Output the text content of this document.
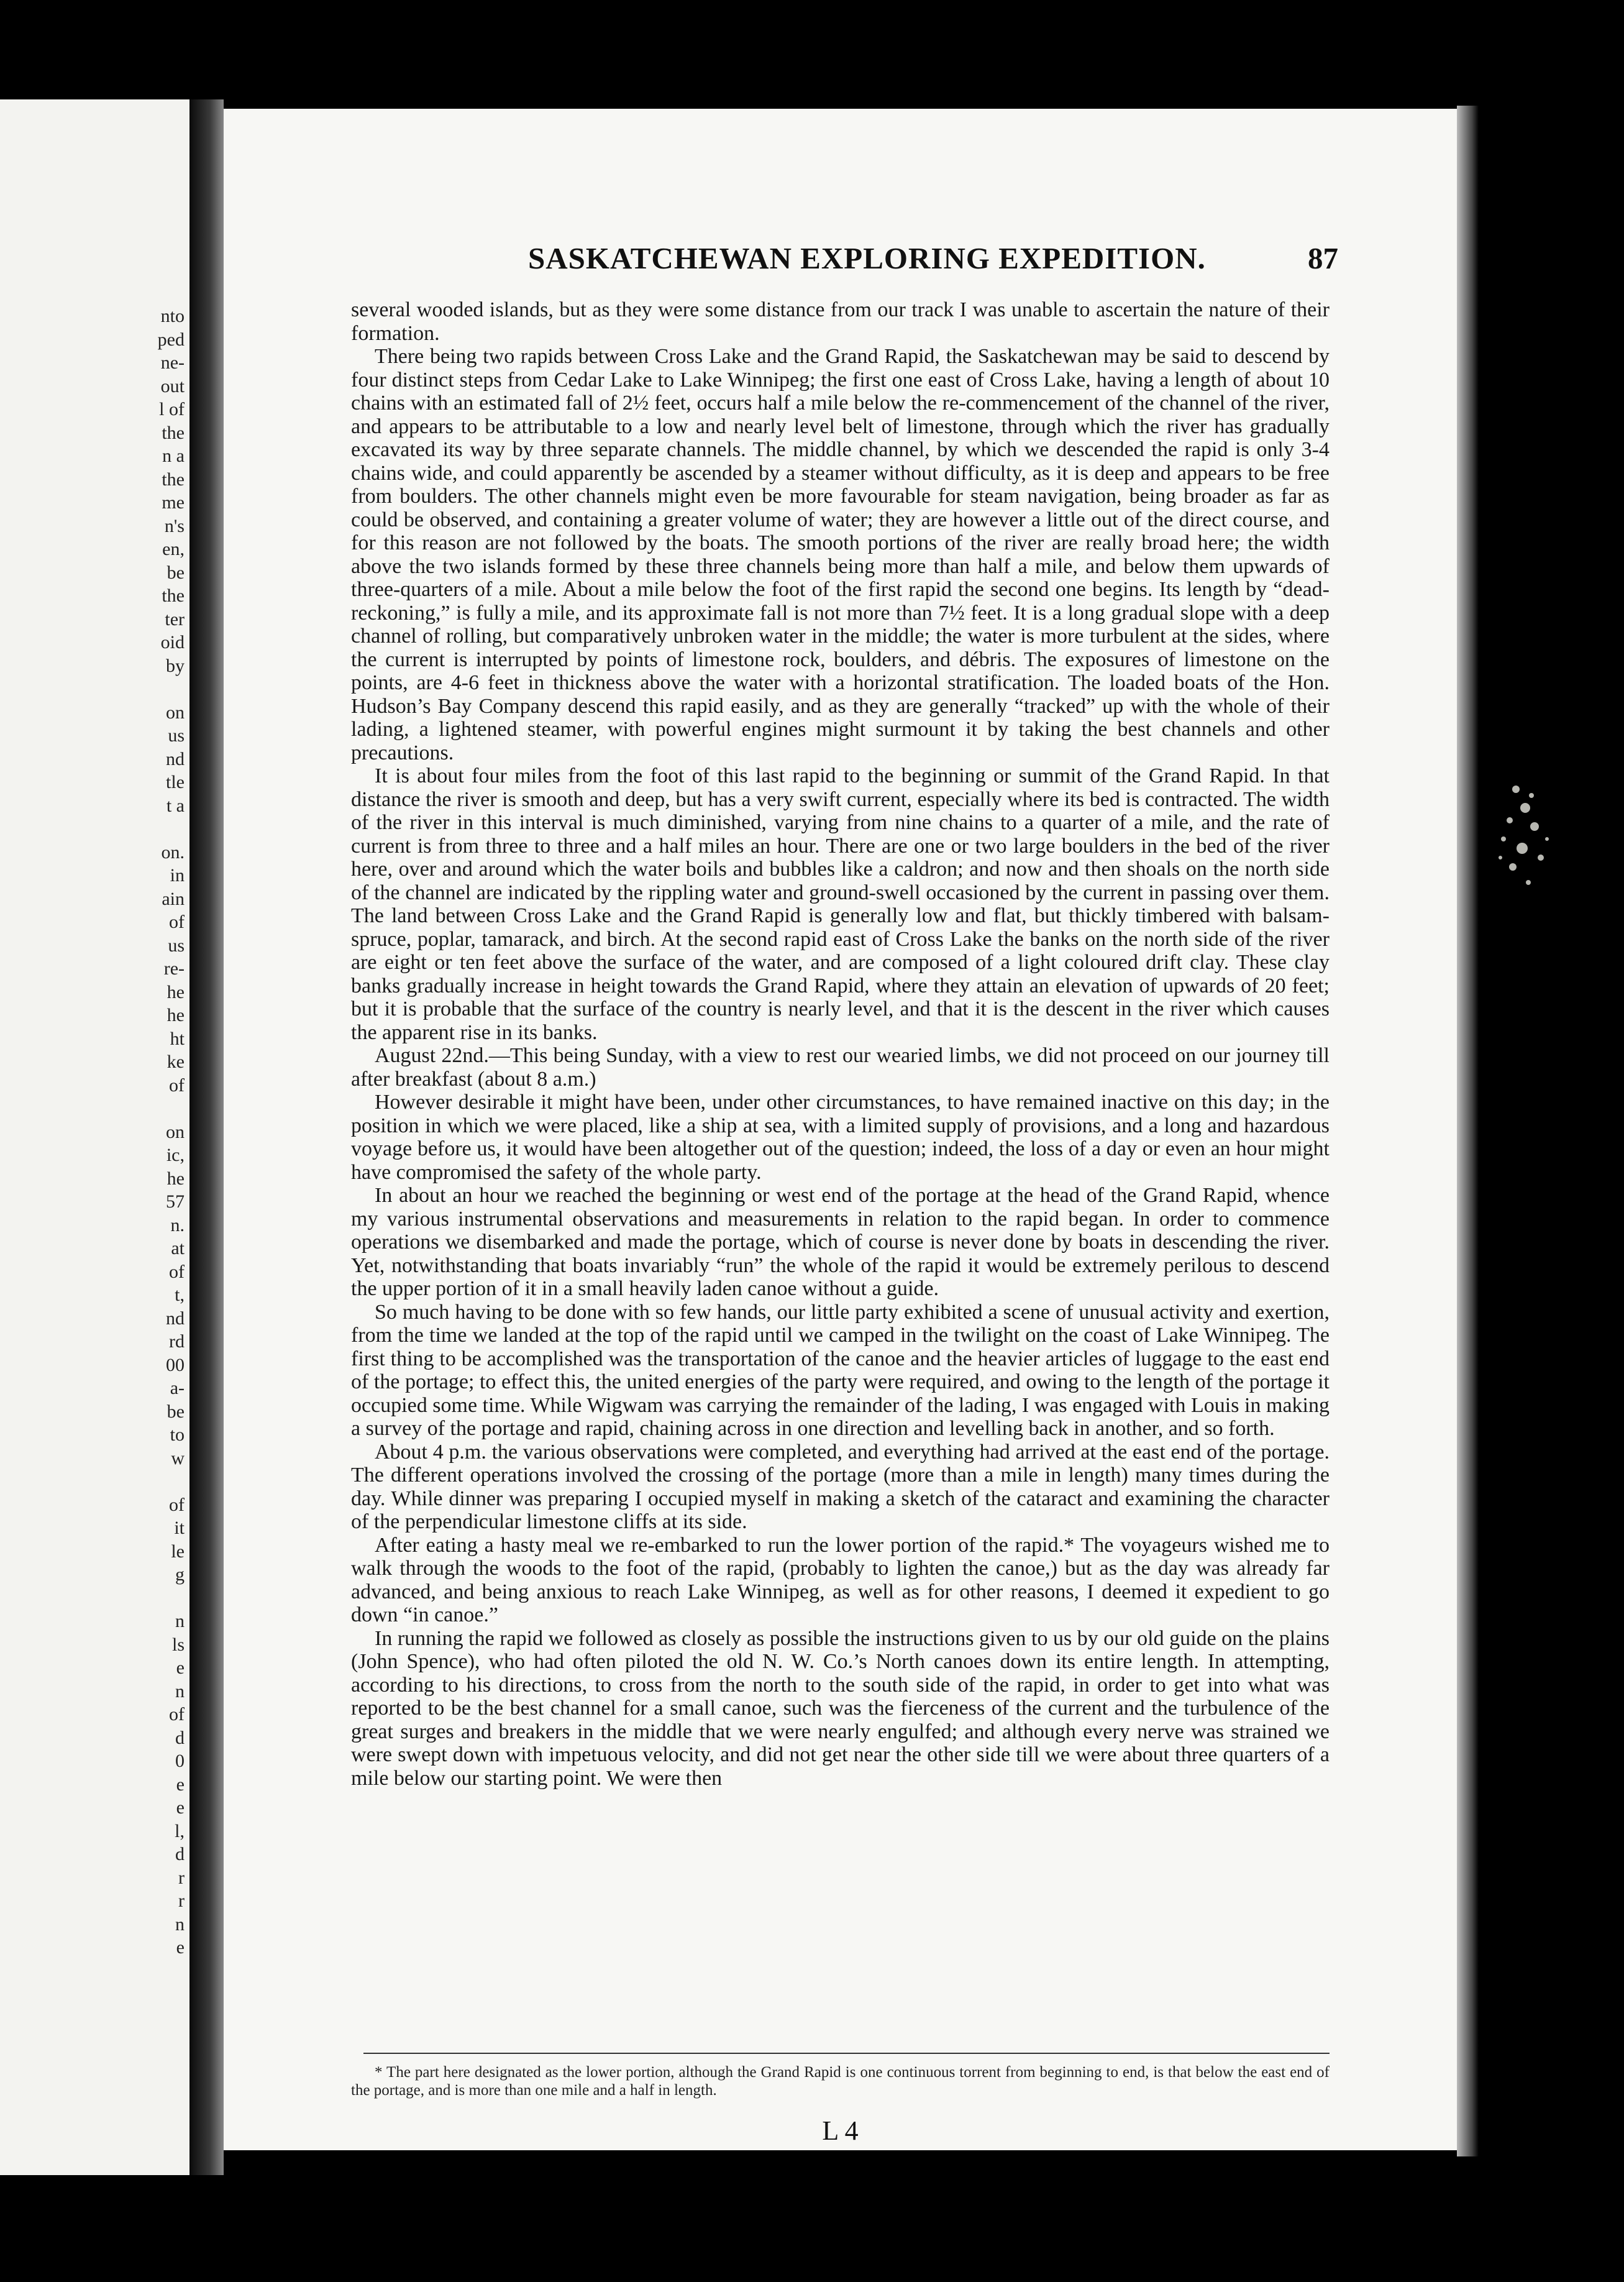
nto
ped
ne-
out
l of
the
n a
the
me
n's
en,
be
the
ter
oid
by

on
us
nd
tle
t a

on.
in
ain
of
us
re-
he
he
ht
ke
of

on
ic,
he
57
n.
at
of
t,
nd
rd
00
a-
be
to
w

of
it
le
g

n
ls
e
n
of
d
0
e
e
l,
d
r
r
n
e
SASKATCHEWAN EXPLORING EXPEDITION.	87

several wooded islands, but as they were some distance from our track I was unable to ascertain the nature of their formation.

There being two rapids between Cross Lake and the Grand Rapid, the Saskatchewan may be said to descend by four distinct steps from Cedar Lake to Lake Winnipeg; the first one east of Cross Lake, having a length of about 10 chains with an estimated fall of 2½ feet, occurs half a mile below the re-commencement of the channel of the river, and appears to be attributable to a low and nearly level belt of limestone, through which the river has gradually excavated its way by three separate channels. The middle channel, by which we descended the rapid is only 3-4 chains wide, and could apparently be ascended by a steamer without difficulty, as it is deep and appears to be free from boulders. The other channels might even be more favourable for steam navigation, being broader as far as could be observed, and containing a greater volume of water; they are however a little out of the direct course, and for this reason are not followed by the boats. The smooth portions of the river are really broad here; the width above the two islands formed by these three channels being more than half a mile, and below them upwards of three-quarters of a mile. About a mile below the foot of the first rapid the second one begins. Its length by “dead-reckoning,” is fully a mile, and its approximate fall is not more than 7½ feet. It is a long gradual slope with a deep channel of rolling, but comparatively unbroken water in the middle; the water is more turbulent at the sides, where the current is interrupted by points of limestone rock, boulders, and débris. The exposures of limestone on the points, are 4-6 feet in thickness above the water with a horizontal stratification. The loaded boats of the Hon. Hudson’s Bay Company descend this rapid easily, and as they are generally “tracked” up with the whole of their lading, a lightened steamer, with powerful engines might surmount it by taking the best channels and other precautions.

It is about four miles from the foot of this last rapid to the beginning or summit of the Grand Rapid. In that distance the river is smooth and deep, but has a very swift current, especially where its bed is contracted. The width of the river in this interval is much diminished, varying from nine chains to a quarter of a mile, and the rate of current is from three to three and a half miles an hour. There are one or two large boulders in the bed of the river here, over and around which the water boils and bubbles like a caldron; and now and then shoals on the north side of the channel are indicated by the rippling water and ground-swell occasioned by the current in passing over them. The land between Cross Lake and the Grand Rapid is generally low and flat, but thickly timbered with balsam-spruce, poplar, tamarack, and birch. At the second rapid east of Cross Lake the banks on the north side of the river are eight or ten feet above the surface of the water, and are composed of a light coloured drift clay. These clay banks gradually increase in height towards the Grand Rapid, where they attain an elevation of upwards of 20 feet; but it is probable that the surface of the country is nearly level, and that it is the descent in the river which causes the apparent rise in its banks.

August 22nd.—This being Sunday, with a view to rest our wearied limbs, we did not proceed on our journey till after breakfast (about 8 a.m.)

However desirable it might have been, under other circumstances, to have remained inactive on this day; in the position in which we were placed, like a ship at sea, with a limited supply of provisions, and a long and hazardous voyage before us, it would have been altogether out of the question; indeed, the loss of a day or even an hour might have compromised the safety of the whole party.

In about an hour we reached the beginning or west end of the portage at the head of the Grand Rapid, whence my various instrumental observations and measurements in relation to the rapid began. In order to commence operations we disembarked and made the portage, which of course is never done by boats in descending the river. Yet, notwithstanding that boats invariably “run” the whole of the rapid it would be extremely perilous to descend the upper portion of it in a small heavily laden canoe without a guide.

So much having to be done with so few hands, our little party exhibited a scene of unusual activity and exertion, from the time we landed at the top of the rapid until we camped in the twilight on the coast of Lake Winnipeg. The first thing to be accomplished was the transportation of the canoe and the heavier articles of luggage to the east end of the portage; to effect this, the united energies of the party were required, and owing to the length of the portage it occupied some time. While Wigwam was carrying the remainder of the lading, I was engaged with Louis in making a survey of the portage and rapid, chaining across in one direction and levelling back in another, and so forth.

About 4 p.m. the various observations were completed, and everything had arrived at the east end of the portage. The different operations involved the crossing of the portage (more than a mile in length) many times during the day. While dinner was preparing I occupied myself in making a sketch of the cataract and examining the character of the perpendicular limestone cliffs at its side.

After eating a hasty meal we re-embarked to run the lower portion of the rapid.* The voyageurs wished me to walk through the woods to the foot of the rapid, (probably to lighten the canoe,) but as the day was already far advanced, and being anxious to reach Lake Winnipeg, as well as for other reasons, I deemed it expedient to go down “in canoe.”

In running the rapid we followed as closely as possible the instructions given to us by our old guide on the plains (John Spence), who had often piloted the old N. W. Co.’s North canoes down its entire length. In attempting, according to his directions, to cross from the north to the south side of the rapid, in order to get into what was reported to be the best channel for a small canoe, such was the fierceness of the current and the turbulence of the great surges and breakers in the middle that we were nearly engulfed; and although every nerve was strained we were swept down with impetuous velocity, and did not get near the other side till we were about three quarters of a mile below our starting point. We were then

* The part here designated as the lower portion, although the Grand Rapid is one continuous torrent from beginning to end, is that below the east end of the portage, and is more than one mile and a half in length.
L 4
